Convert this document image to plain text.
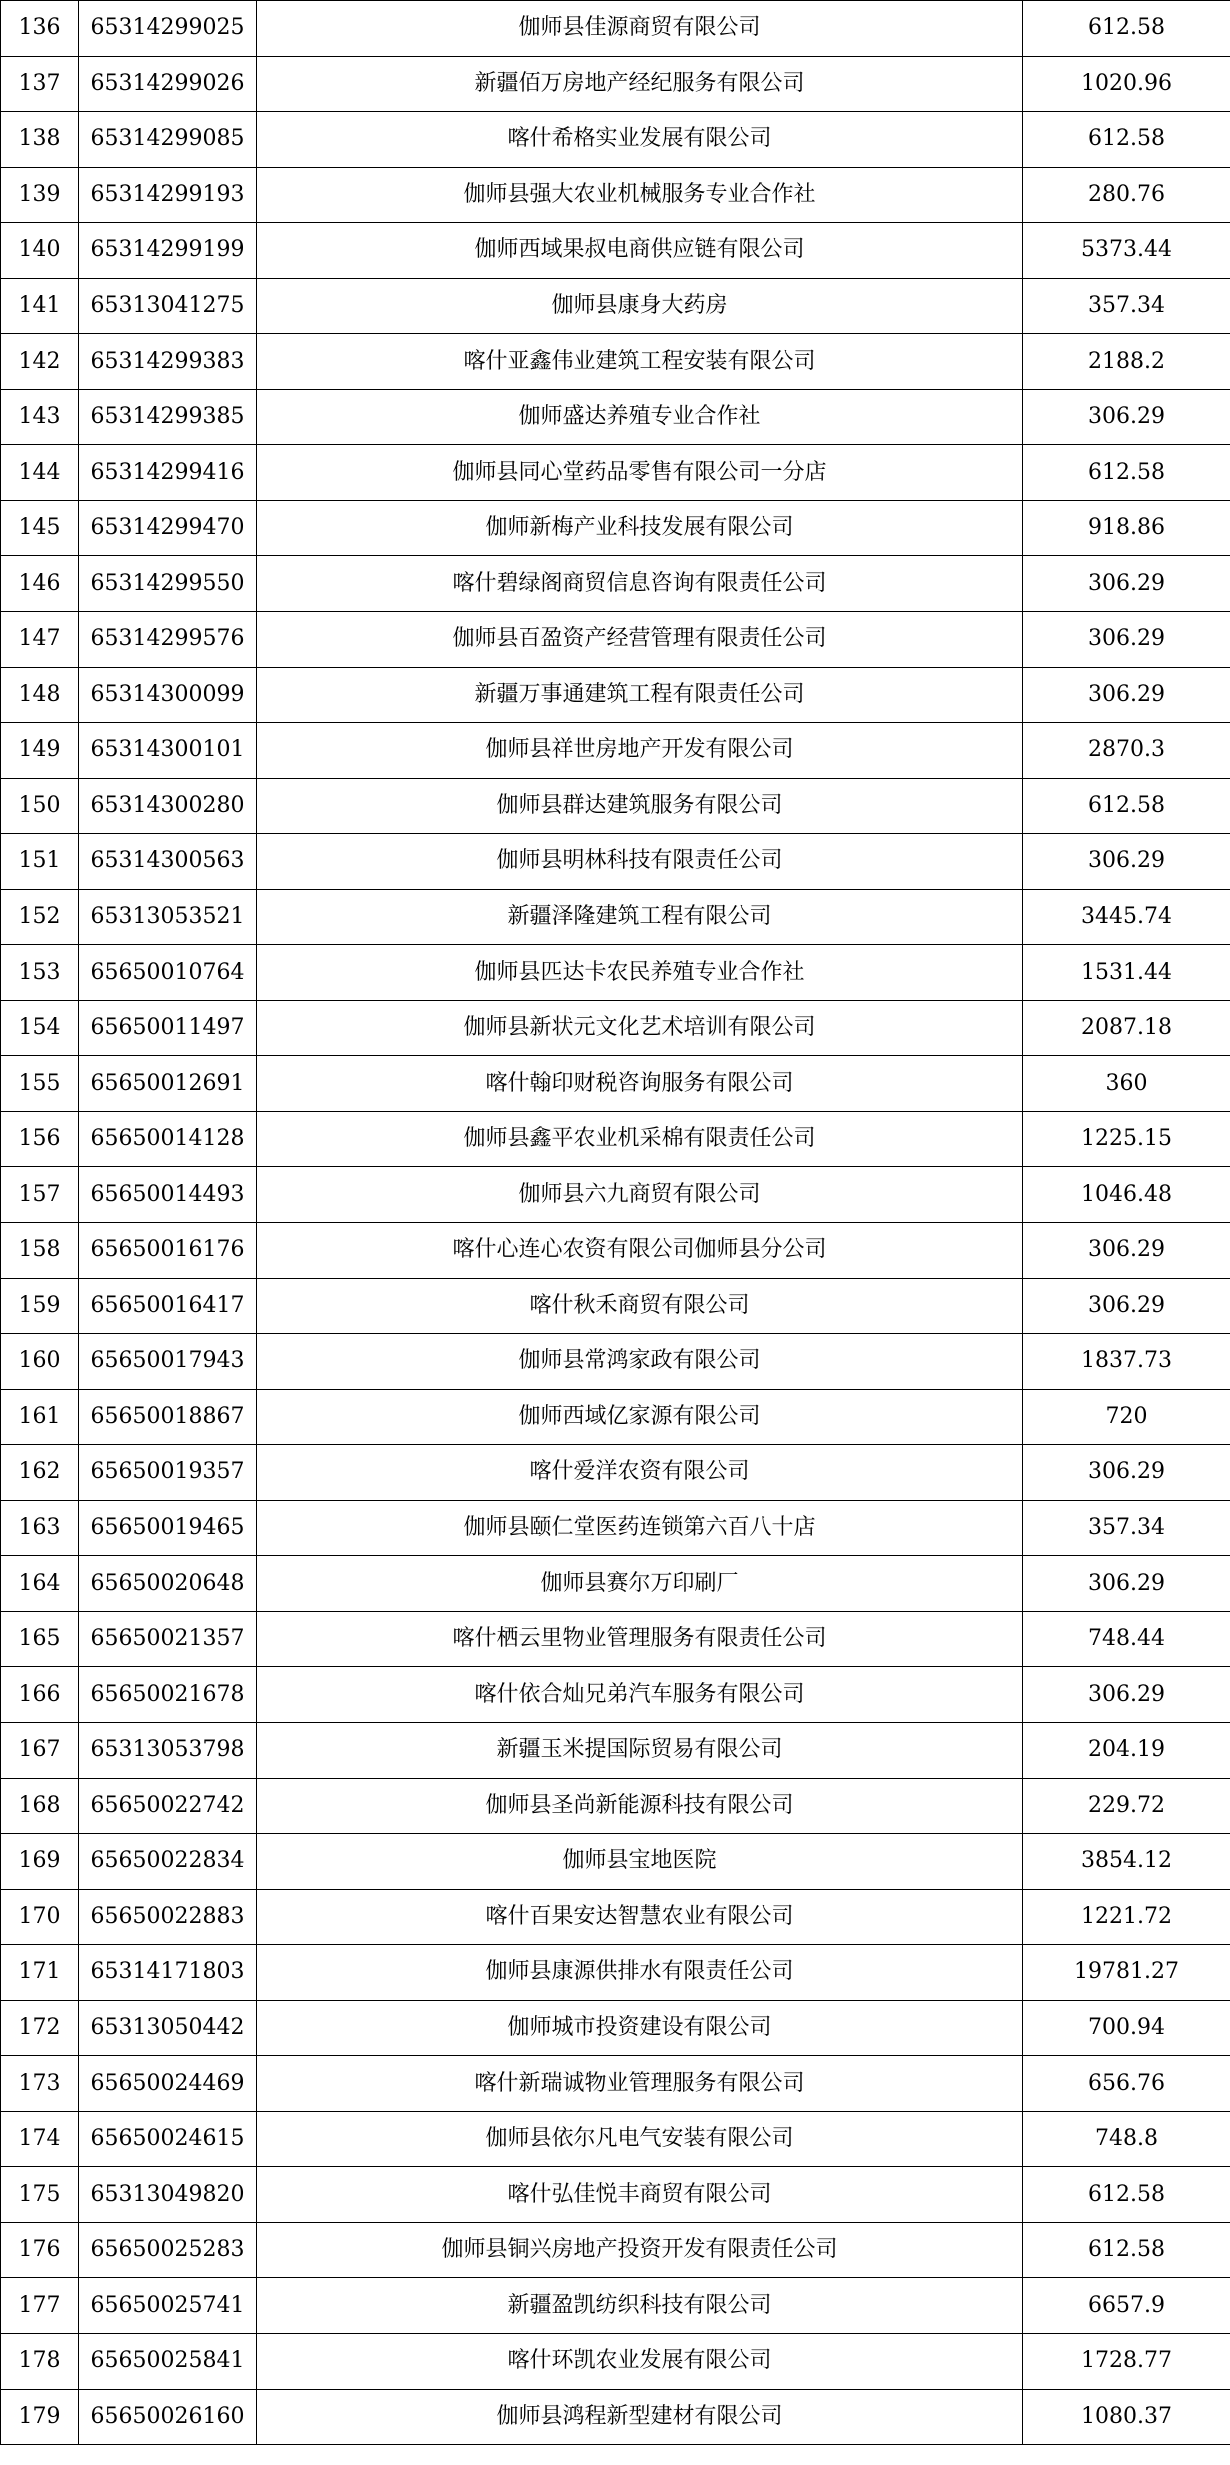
136	65314299025	伽师县佳源商贸有限公司	612.58
137	65314299026	新疆佰万房地产经纪服务有限公司	1020.96
138	65314299085	喀什希格实业发展有限公司	612.58
139	65314299193	伽师县强大农业机械服务专业合作社	280.76
140	65314299199	伽师西域果叔电商供应链有限公司	5373.44
141	65313041275	伽师县康身大药房	357.34
142	65314299383	喀什亚鑫伟业建筑工程安装有限公司	2188.2
143	65314299385	伽师盛达养殖专业合作社	306.29
144	65314299416	伽师县同心堂药品零售有限公司一分店	612.58
145	65314299470	伽师新梅产业科技发展有限公司	918.86
146	65314299550	喀什碧绿阁商贸信息咨询有限责任公司	306.29
147	65314299576	伽师县百盈资产经营管理有限责任公司	306.29
148	65314300099	新疆万事通建筑工程有限责任公司	306.29
149	65314300101	伽师县祥世房地产开发有限公司	2870.3
150	65314300280	伽师县群达建筑服务有限公司	612.58
151	65314300563	伽师县明林科技有限责任公司	306.29
152	65313053521	新疆泽隆建筑工程有限公司	3445.74
153	65650010764	伽师县匹达卡农民养殖专业合作社	1531.44
154	65650011497	伽师县新状元文化艺术培训有限公司	2087.18
155	65650012691	喀什翰印财税咨询服务有限公司	360
156	65650014128	伽师县鑫平农业机采棉有限责任公司	1225.15
157	65650014493	伽师县六九商贸有限公司	1046.48
158	65650016176	喀什心连心农资有限公司伽师县分公司	306.29
159	65650016417	喀什秋禾商贸有限公司	306.29
160	65650017943	伽师县常鸿家政有限公司	1837.73
161	65650018867	伽师西域亿家源有限公司	720
162	65650019357	喀什爱洋农资有限公司	306.29
163	65650019465	伽师县颐仁堂医药连锁第六百八十店	357.34
164	65650020648	伽师县赛尔万印刷厂	306.29
165	65650021357	喀什栖云里物业管理服务有限责任公司	748.44
166	65650021678	喀什依合灿兄弟汽车服务有限公司	306.29
167	65313053798	新疆玉米提国际贸易有限公司	204.19
168	65650022742	伽师县圣尚新能源科技有限公司	229.72
169	65650022834	伽师县宝地医院	3854.12
170	65650022883	喀什百果安达智慧农业有限公司	1221.72
171	65314171803	伽师县康源供排水有限责任公司	19781.27
172	65313050442	伽师城市投资建设有限公司	700.94
173	65650024469	喀什新瑞诚物业管理服务有限公司	656.76
174	65650024615	伽师县依尔凡电气安装有限公司	748.8
175	65313049820	喀什弘佳悦丰商贸有限公司	612.58
176	65650025283	伽师县铜兴房地产投资开发有限责任公司	612.58
177	65650025741	新疆盈凯纺织科技有限公司	6657.9
178	65650025841	喀什环凯农业发展有限公司	1728.77
179	65650026160	伽师县鸿程新型建材有限公司	1080.37
